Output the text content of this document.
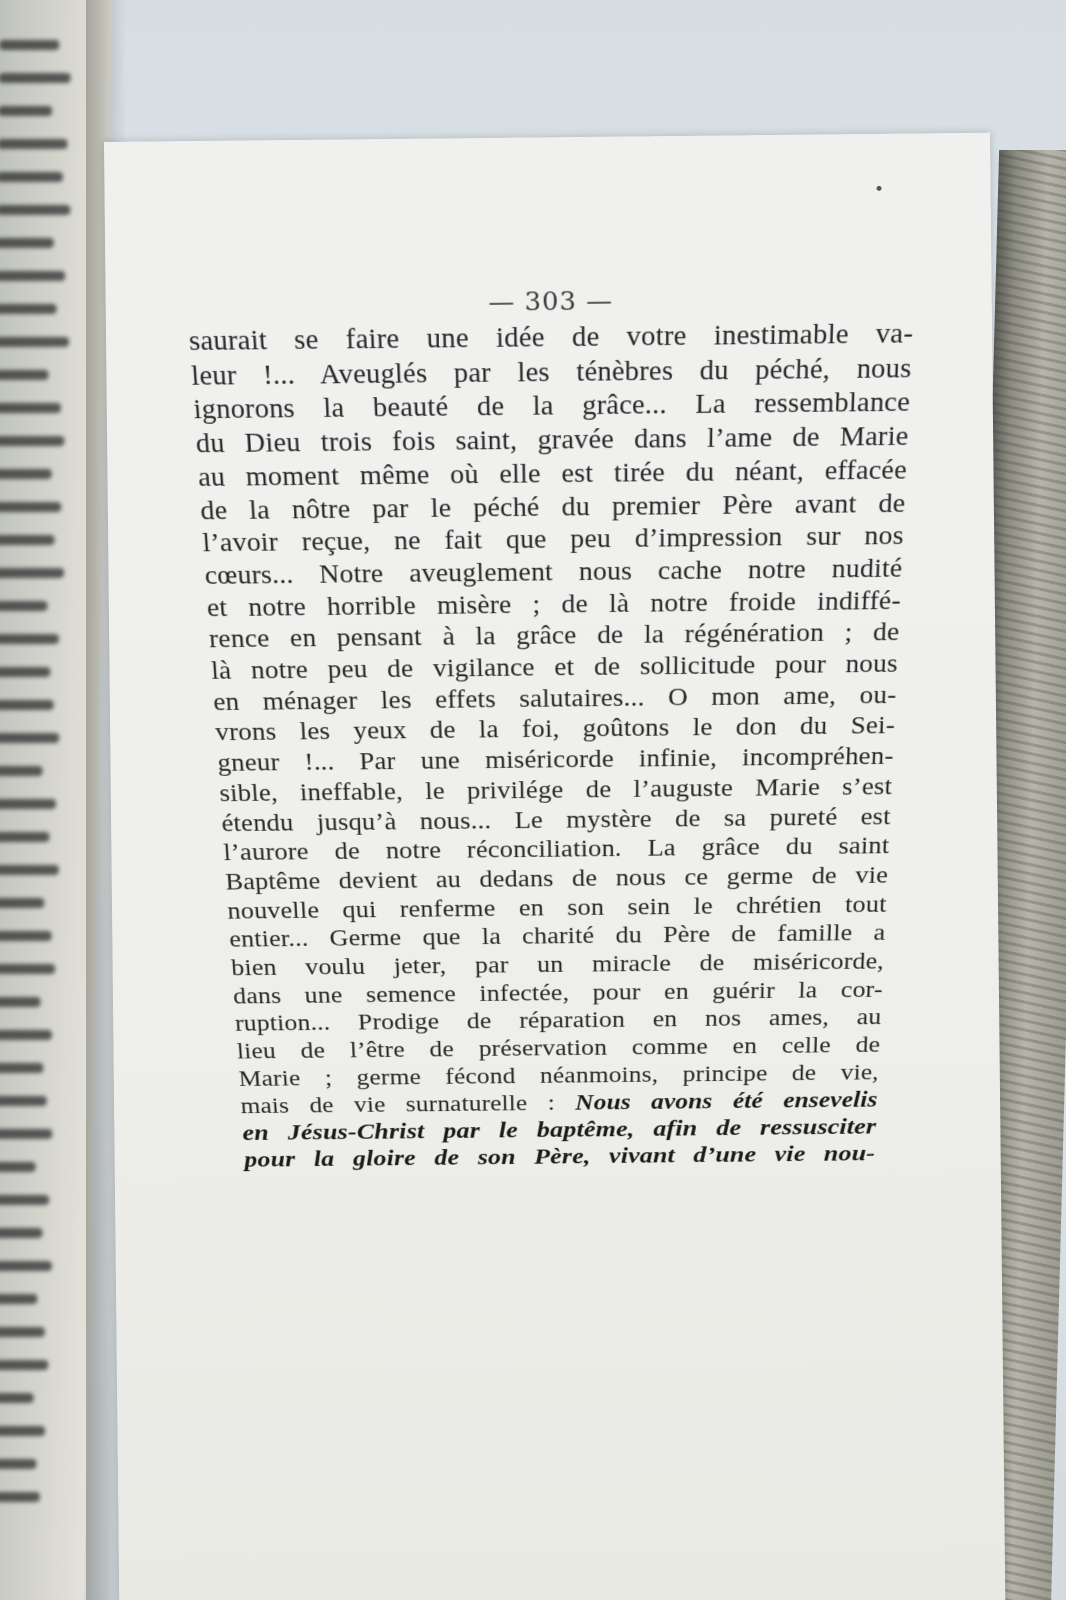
— 303 —
saurait se faire une idée de votre inestimable va-
leur !... Aveuglés par les ténèbres du péché, nous
ignorons la beauté de la grâce... La ressemblance
du Dieu trois fois saint, gravée dans l’ame de Marie
au moment même où elle est tirée du néant, effacée
de la nôtre par le péché du premier Père avant de
l’avoir reçue, ne fait que peu d’impression sur nos
cœurs... Notre aveuglement nous cache notre nudité
et notre horrible misère ; de là notre froide indiffé-
rence en pensant à la grâce de la régénération ; de
là notre peu de vigilance et de sollicitude pour nous
en ménager les effets salutaires... O mon ame, ou-
vrons les yeux de la foi, goûtons le don du Sei-
gneur !... Par une miséricorde infinie, incompréhen-
sible, ineffable, le privilége de l’auguste Marie s’est
étendu jusqu’à nous... Le mystère de sa pureté est
l’aurore de notre réconciliation. La grâce du saint
Baptême devient au dedans de nous ce germe de vie
nouvelle qui renferme en son sein le chrétien tout
entier... Germe que la charité du Père de famille a
bien voulu jeter, par un miracle de miséricorde,
dans une semence infectée, pour en guérir la cor-
ruption... Prodige de réparation en nos ames, au
lieu de l’être de préservation comme en celle de
Marie ; germe fécond néanmoins, principe de vie,
mais de vie surnaturelle : Nous avons été ensevelis
en Jésus-Christ par le baptême, afin de ressusciter
pour la gloire de son Père, vivant d’une vie nou-
